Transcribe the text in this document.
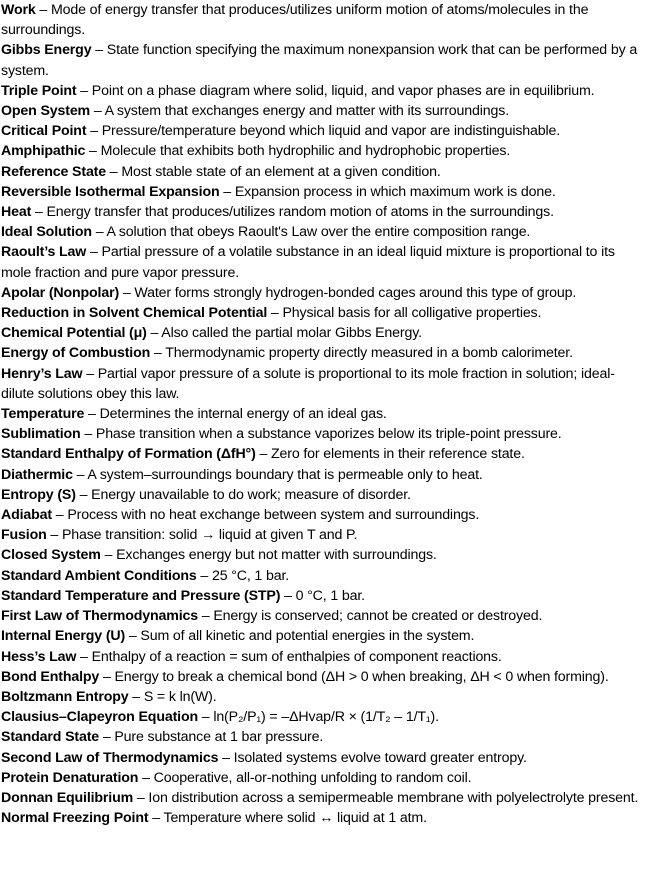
Work – Mode of energy transfer that produces/utilizes uniform motion of atoms/molecules in the surroundings.

Gibbs Energy – State function specifying the maximum nonexpansion work that can be performed by a system.

Triple Point – Point on a phase diagram where solid, liquid, and vapor phases are in equilibrium.

Open System – A system that exchanges energy and matter with its surroundings.

Critical Point – Pressure/temperature beyond which liquid and vapor are indistinguishable.

Amphipathic – Molecule that exhibits both hydrophilic and hydrophobic properties.

Reference State – Most stable state of an element at a given condition.

Reversible Isothermal Expansion – Expansion process in which maximum work is done.

Heat – Energy transfer that produces/utilizes random motion of atoms in the surroundings.

Ideal Solution – A solution that obeys Raoult's Law over the entire composition range.

Raoult’s Law – Partial pressure of a volatile substance in an ideal liquid mixture is proportional to its mole fraction and pure vapor pressure.

Apolar (Nonpolar) – Water forms strongly hydrogen-bonded cages around this type of group.

Reduction in Solvent Chemical Potential – Physical basis for all colligative properties.

Chemical Potential (μ) – Also called the partial molar Gibbs Energy.

Energy of Combustion – Thermodynamic property directly measured in a bomb calorimeter.

Henry’s Law – Partial vapor pressure of a solute is proportional to its mole fraction in solution; ideal-dilute solutions obey this law.

Temperature – Determines the internal energy of an ideal gas.

Sublimation – Phase transition when a substance vaporizes below its triple-point pressure.

Standard Enthalpy of Formation (ΔfH°) – Zero for elements in their reference state.

Diathermic – A system–surroundings boundary that is permeable only to heat.

Entropy (S) – Energy unavailable to do work; measure of disorder.

Adiabat – Process with no heat exchange between system and surroundings.

Fusion – Phase transition: solid → liquid at given T and P.

Closed System – Exchanges energy but not matter with surroundings.

Standard Ambient Conditions – 25 °C, 1 bar.

Standard Temperature and Pressure (STP) – 0 °C, 1 bar.

First Law of Thermodynamics – Energy is conserved; cannot be created or destroyed.

Internal Energy (U) – Sum of all kinetic and potential energies in the system.

Hess’s Law – Enthalpy of a reaction = sum of enthalpies of component reactions.

Bond Enthalpy – Energy to break a chemical bond (ΔH > 0 when breaking, ΔH < 0 when forming).

Boltzmann Entropy – S = k ln(W).

Clausius–Clapeyron Equation – ln(P₂/P₁) = –ΔHvap/R × (1/T₂ – 1/T₁).

Standard State – Pure substance at 1 bar pressure.

Second Law of Thermodynamics – Isolated systems evolve toward greater entropy.

Protein Denaturation – Cooperative, all-or-nothing unfolding to random coil.

Donnan Equilibrium – Ion distribution across a semipermeable membrane with polyelectrolyte present.

Normal Freezing Point – Temperature where solid ↔ liquid at 1 atm.
